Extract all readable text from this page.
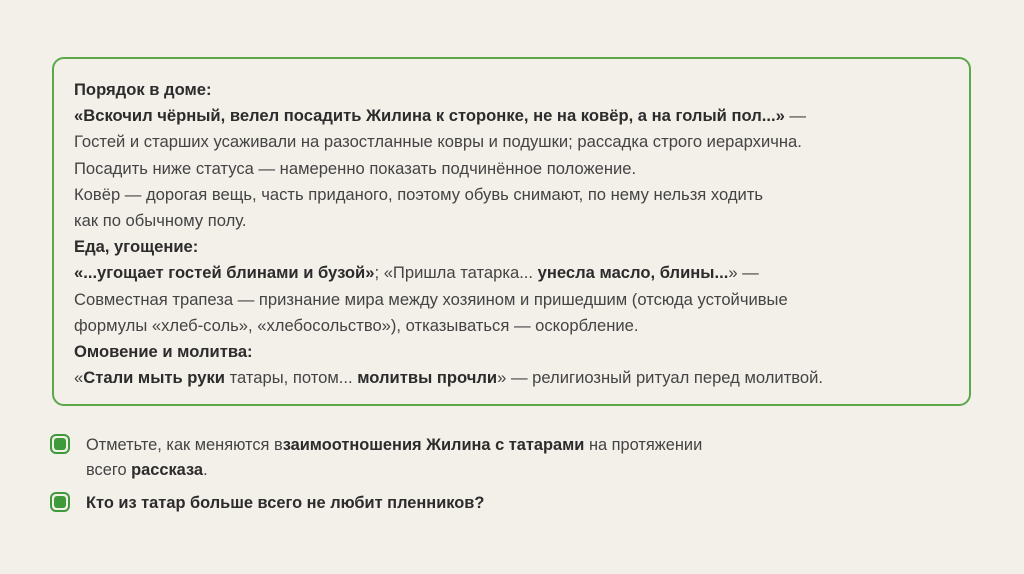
Порядок в доме:

«Вскочил чёрный, велел посадить Жилина к сторонке, не на ковёр, а на голый пол...» —

Гостей и старших усаживали на разостланные ковры и подушки; рассадка строго иерархична.

Посадить ниже статуса — намеренно показать подчинённое положение.

Ковёр — дорогая вещь, часть приданого, поэтому обувь снимают, по нему нельзя ходить

как по обычному полу.

Еда, угощение:

«...угощает гостей блинами и бузой»; «Пришла татарка... унесла масло, блины...» —

Совместная трапеза — признание мира между хозяином и пришедшим (отсюда устойчивые

формулы «хлеб-соль», «хлебосольство»), отказываться — оскорбление.

Омовение и молитва:

«Стали мыть руки татары, потом... молитвы прочли» — религиозный ритуал перед молитвой.

Отметьте, как меняются взаимоотношения Жилина с татарами на протяжении
всего рассказа.
Кто из татар больше всего не любит пленников?
